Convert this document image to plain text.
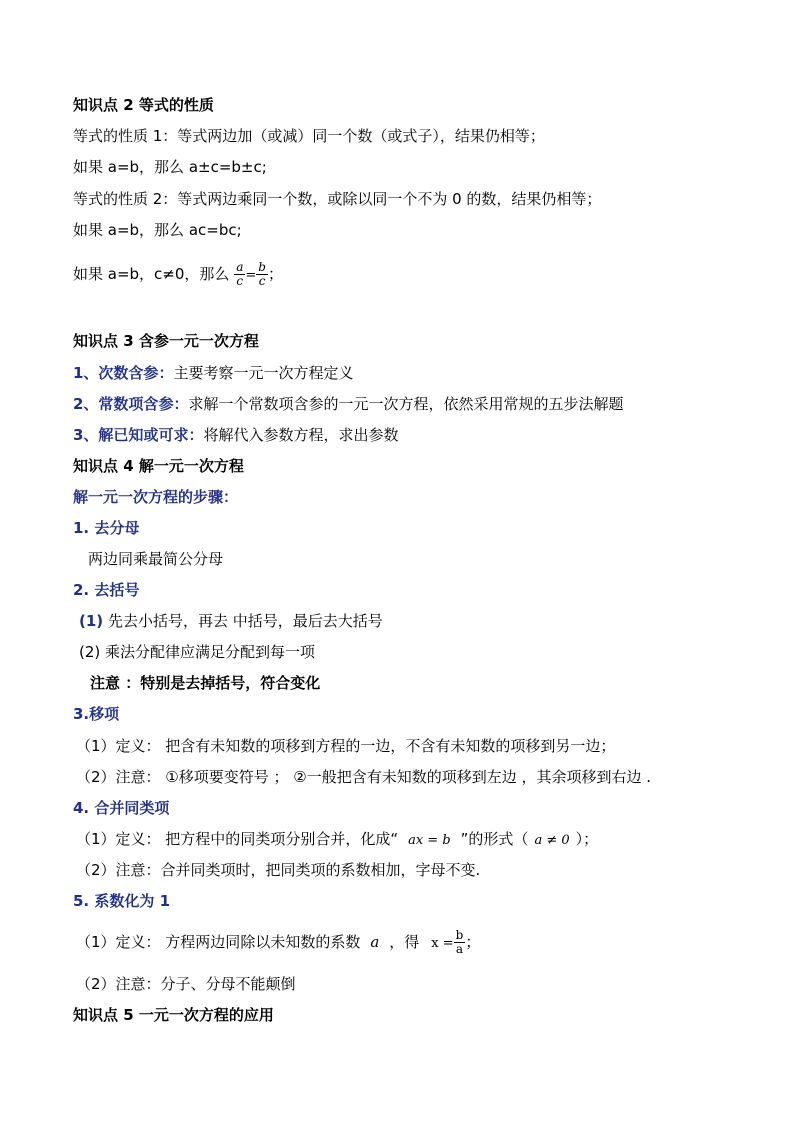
知识点 2 等式的性质
等式的性质 1：等式两边加（或减）同一个数（或式子），结果仍相等；
如果 a=b，那么 a±c=b±c;
等式的性质 2：等式两边乘同一个数，或除以同一个不为 0 的数，结果仍相等；
如果 a=b，那么 ac=bc;
如果 a=b，c≠0，那么 $\frac{a}{c} = \frac{b}{c}$ ；
知识点 3 含参一元一次方程
1、次数含参：主要考察一元一次方程定义
2、常数项含参：求解一个常数项含参的一元一次方程，依然采用常规的五步法解题
3、解已知或可求：将解代入参数方程，求出参数
知识点 4 解一元一次方程
解一元一次方程的步骤：
1. 去分母
两边同乘最简公分母
2. 去括号
(1) 先去小括号，再去 中括号，最后去大括号
(2) 乘法分配律应满足分配到每一项
注意 ：特别是去掉括号，符合变化
3.移项
（1）定义： 把含有未知数的项移到方程的一边，不含有未知数的项移到另一边；
（2）注意： ①移项要变符号 ； ②一般把含有未知数的项移到左边 ，其余项移到右边 .
4. 合并同类项
（1）定义： 把方程中的同类项分别合并，化成“ ax = b ”的形式（ a ≠ 0 ）；
（2）注意：合并同类项时，把同类项的系数相加，字母不变.
5. 系数化为 1
（1）定义： 方程两边同除以未知数的系数 a ，得 $x = \frac{b}{a}$ ；
（2）注意：分子、分母不能颠倒
知识点 5 一元一次方程的应用
